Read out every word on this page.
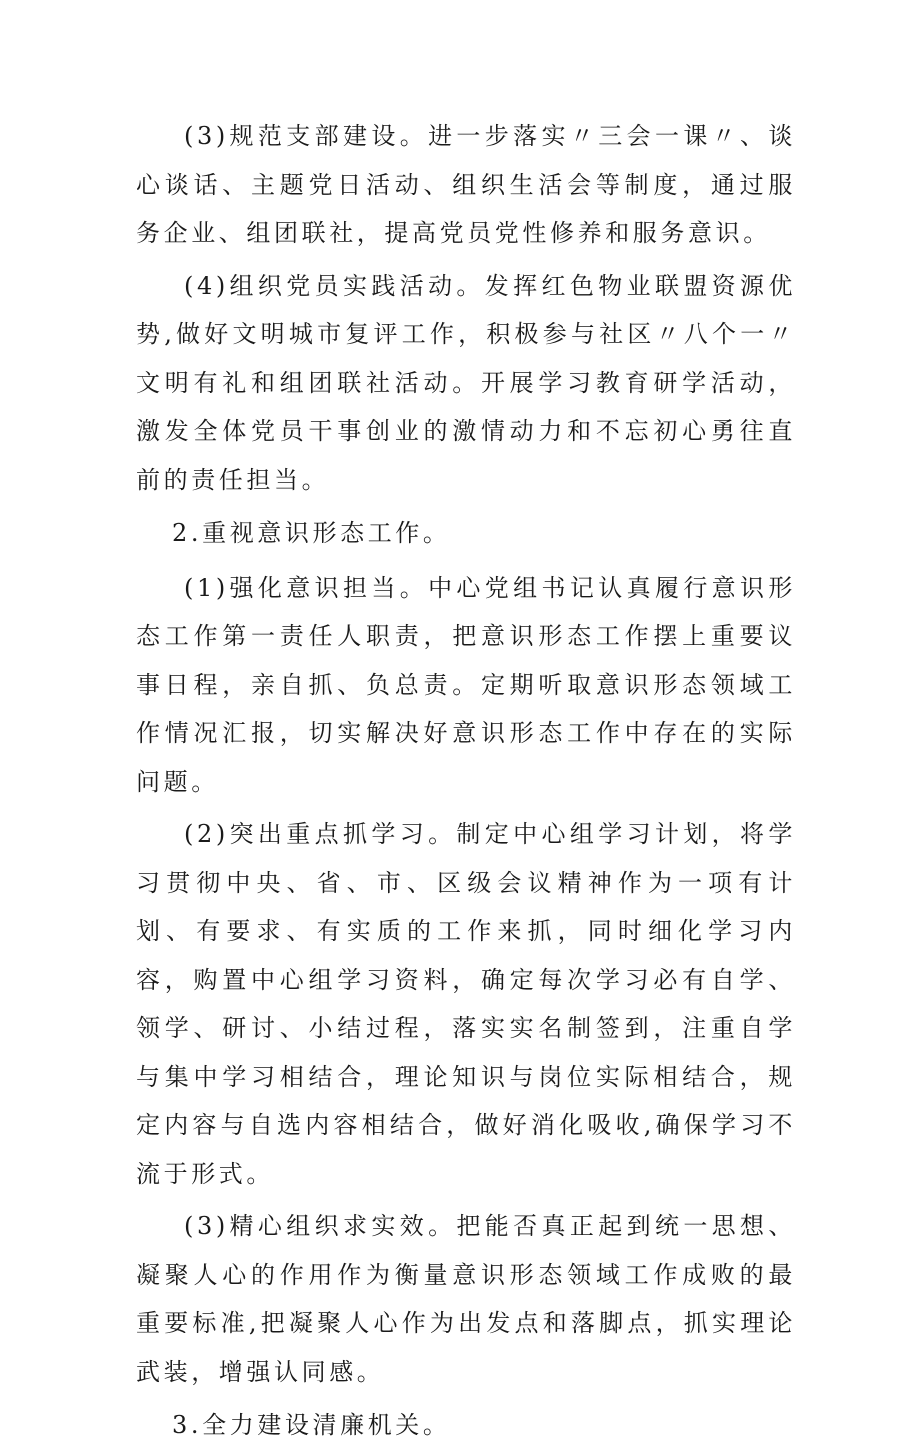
(3)规范支部建设。进一步落实〃三会一课〃、谈心谈话、主题党日活动、组织生活会等制度，通过服务企业、组团联社，提高党员党性修养和服务意识。

(4)组织党员实践活动。发挥红色物业联盟资源优势,做好文明城市复评工作，积极参与社区〃八个一〃文明有礼和组团联社活动。开展学习教育研学活动，激发全体党员干事创业的激情动力和不忘初心勇往直前的责任担当。

2.重视意识形态工作。

(1)强化意识担当。中心党组书记认真履行意识形态工作第一责任人职责，把意识形态工作摆上重要议事日程，亲自抓、负总责。定期听取意识形态领域工作情况汇报，切实解决好意识形态工作中存在的实际问题。

(2)突出重点抓学习。制定中心组学习计划，将学习贯彻中央、省、市、区级会议精神作为一项有计划、有要求、有实质的工作来抓，同时细化学习内容，购置中心组学习资料，确定每次学习必有自学、领学、研讨、小结过程，落实实名制签到，注重自学与集中学习相结合，理论知识与岗位实际相结合，规定内容与自选内容相结合，做好消化吸收,确保学习不流于形式。

(3)精心组织求实效。把能否真正起到统一思想、凝聚人心的作用作为衡量意识形态领域工作成败的最重要标准,把凝聚人心作为出发点和落脚点，抓实理论武装，增强认同感。

3.全力建设清廉机关。
